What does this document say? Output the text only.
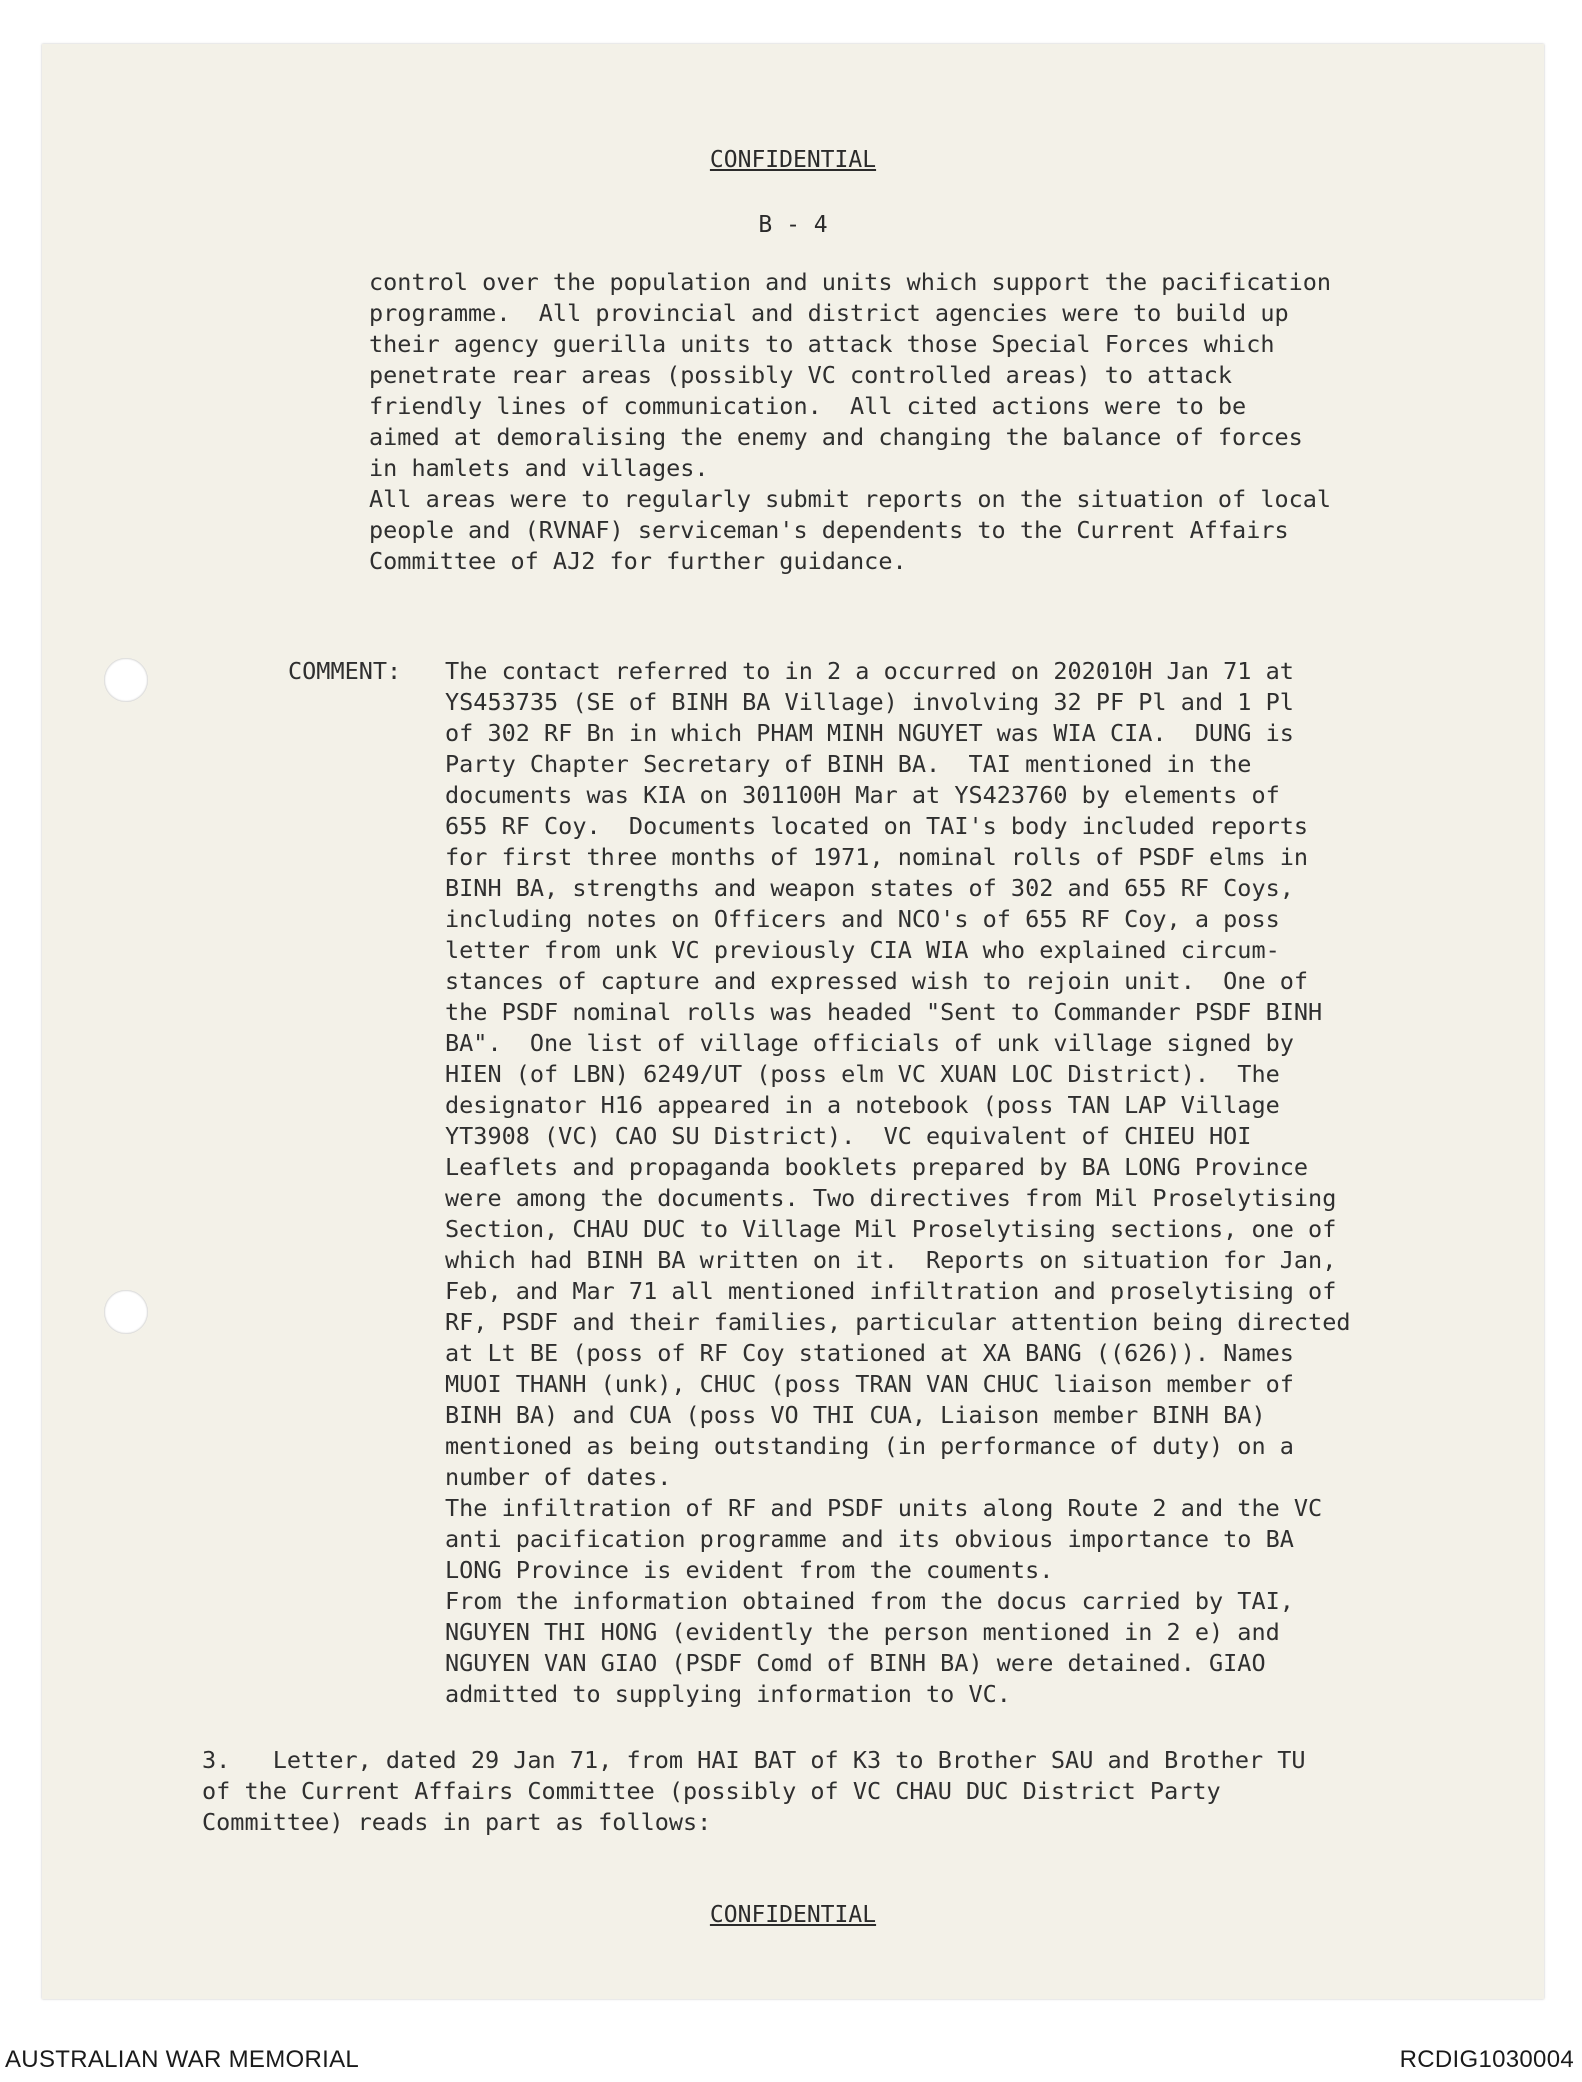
CONFIDENTIAL
B - 4
control over the population and units which support the pacification
programme.  All provincial and district agencies were to build up
their agency guerilla units to attack those Special Forces which
penetrate rear areas (possibly VC controlled areas) to attack
friendly lines of communication.  All cited actions were to be
aimed at demoralising the enemy and changing the balance of forces
in hamlets and villages.
All areas were to regularly submit reports on the situation of local
people and (RVNAF) serviceman's dependents to the Current Affairs
Committee of AJ2 for further guidance.
COMMENT: The contact referred to in 2 a occurred on 202010H Jan 71 at
YS453735 (SE of BINH BA Village) involving 32 PF Pl and 1 Pl
of 302 RF Bn in which PHAM MINH NGUYET was WIA CIA.  DUNG is
Party Chapter Secretary of BINH BA.  TAI mentioned in the
documents was KIA on 301100H Mar at YS423760 by elements of
655 RF Coy.  Documents located on TAI's body included reports
for first three months of 1971, nominal rolls of PSDF elms in
BINH BA, strengths and weapon states of 302 and 655 RF Coys,
including notes on Officers and NCO's of 655 RF Coy, a poss
letter from unk VC previously CIA WIA who explained circum-
stances of capture and expressed wish to rejoin unit.  One of
the PSDF nominal rolls was headed "Sent to Commander PSDF BINH
BA".  One list of village officials of unk village signed by
HIEN (of LBN) 6249/UT (poss elm VC XUAN LOC District).  The
designator H16 appeared in a notebook (poss TAN LAP Village
YT3908 (VC) CAO SU District).  VC equivalent of CHIEU HOI
Leaflets and propaganda booklets prepared by BA LONG Province
were among the documents. Two directives from Mil Proselytising
Section, CHAU DUC to Village Mil Proselytising sections, one of
which had BINH BA written on it.  Reports on situation for Jan,
Feb, and Mar 71 all mentioned infiltration and proselytising of
RF, PSDF and their families, particular attention being directed
at Lt BE (poss of RF Coy stationed at XA BANG ((626)). Names
MUOI THANH (unk), CHUC (poss TRAN VAN CHUC liaison member of
BINH BA) and CUA (poss VO THI CUA, Liaison member BINH BA)
mentioned as being outstanding (in performance of duty) on a
number of dates.
The infiltration of RF and PSDF units along Route 2 and the VC
anti pacification programme and its obvious importance to BA
LONG Province is evident from the couments.
From the information obtained from the docus carried by TAI,
NGUYEN THI HONG (evidently the person mentioned in 2 e) and
NGUYEN VAN GIAO (PSDF Comd of BINH BA) were detained. GIAO
admitted to supplying information to VC.
3.   Letter, dated 29 Jan 71, from HAI BAT of K3 to Brother SAU and Brother TU
of the Current Affairs Committee (possibly of VC CHAU DUC District Party
Committee) reads in part as follows:
CONFIDENTIAL
AUSTRALIAN WAR MEMORIAL	RCDIG1030004
